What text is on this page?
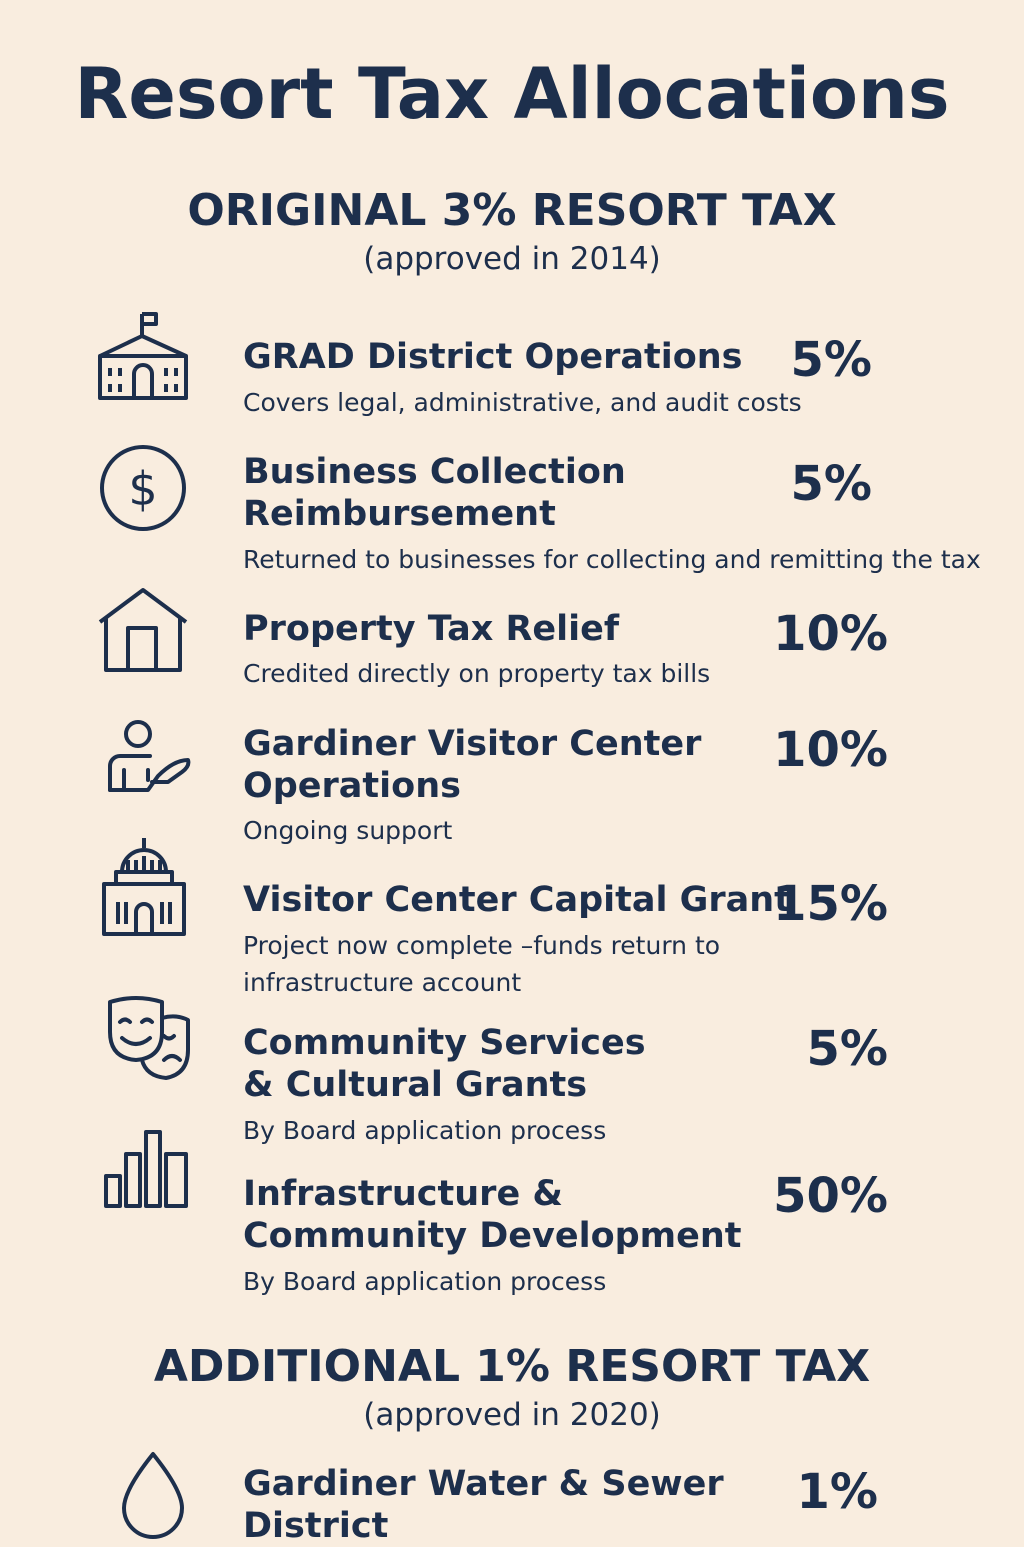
Resort Tax Allocations
ORIGINAL 3% RESORT TAX

(approved in 2014)

GRAD District Operations
Covers legal, administrative, and audit costs
5%
$ Business Collection
Reimbursement
Returned to businesses for collecting and remitting the tax
5%
Property Tax Relief
Credited directly on property tax bills
10%
Gardiner Visitor Center
Operations
Ongoing support
10%
Visitor Center Capital Grant
Project now complete –funds return to infrastructure account
15%
Community Services
& Cultural Grants
By Board application process
5%
Infrastructure &
Community Development
By Board application process
50%
ADDITIONAL 1% RESORT TAX

(approved in 2020)

Gardiner Water & Sewer
District
1%
